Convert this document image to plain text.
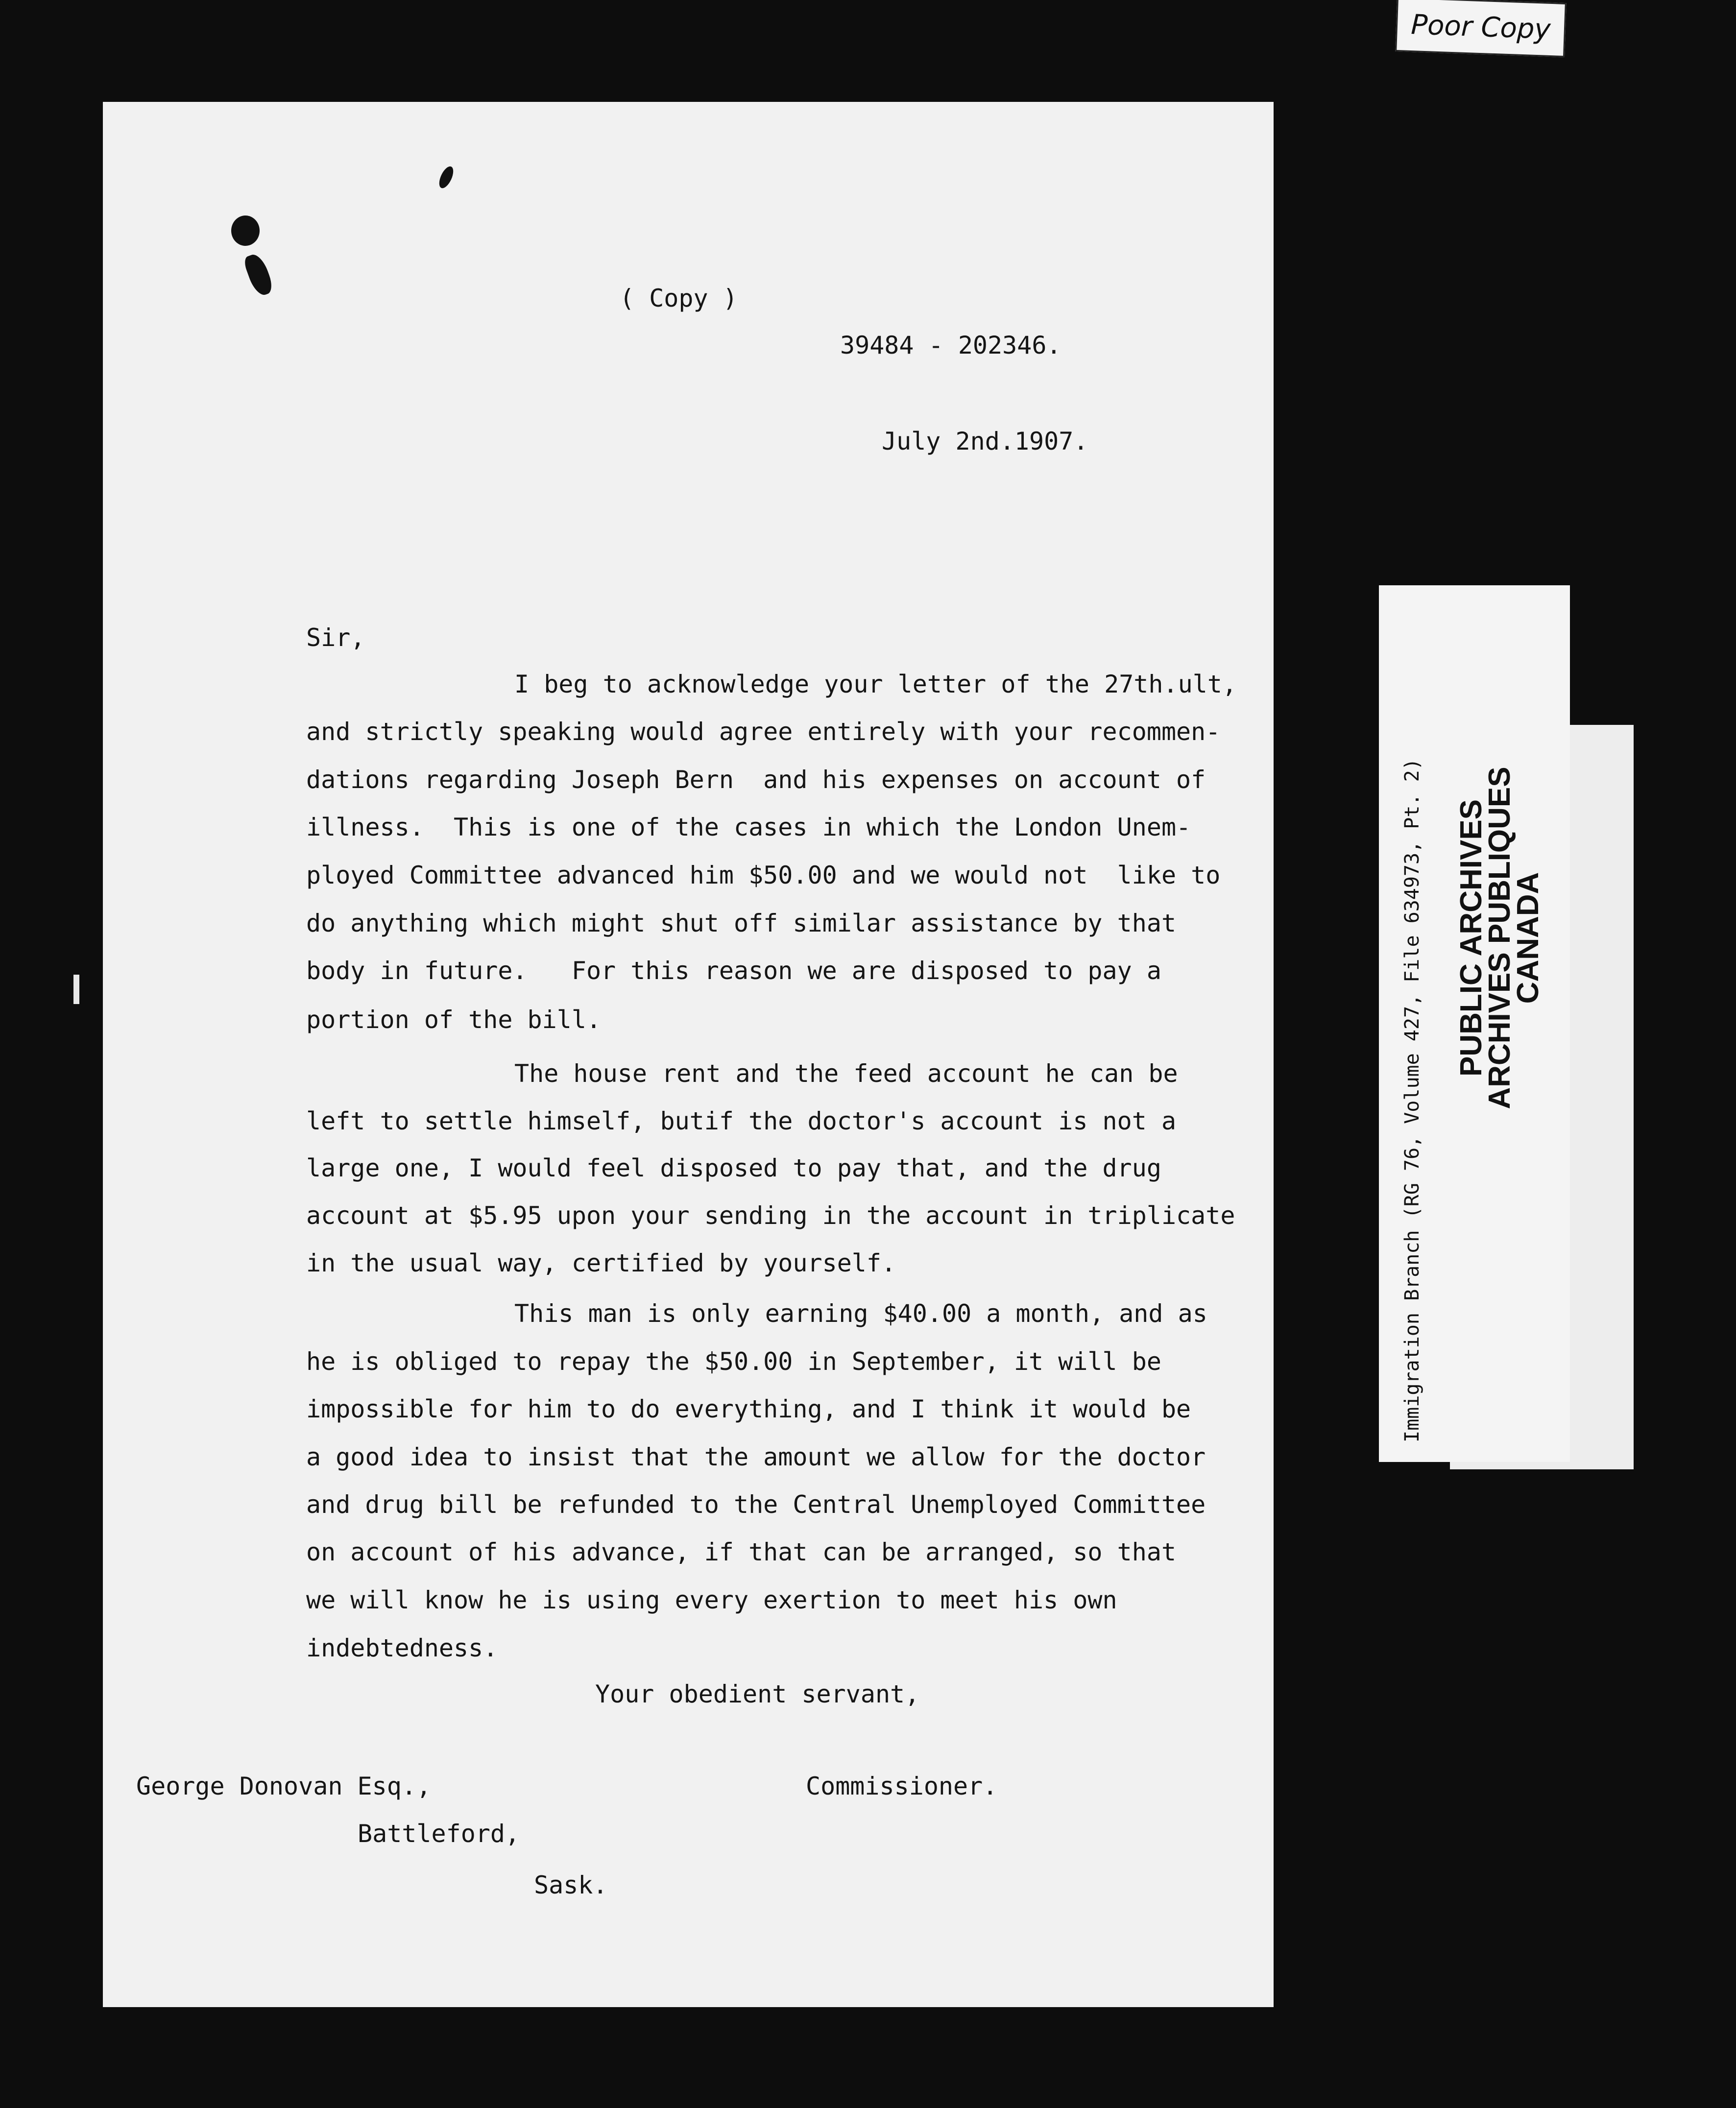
Poor Copy
( Copy )
39484 - 202346.
July 2nd.1907.
Sir,
I beg to acknowledge your letter of the 27th.ult,
and strictly speaking would agree entirely with your recommen-
dations regarding Joseph Bern  and his expenses on account of
illness.  This is one of the cases in which the London Unem-
ployed Committee advanced him $50.00 and we would not  like to
do anything which might shut off similar assistance by that
body in future.   For this reason we are disposed to pay a
portion of the bill.
The house rent and the feed account he can be
left to settle himself, butif the doctor's account is not a
large one, I would feel disposed to pay that, and the drug
account at $5.95 upon your sending in the account in triplicate
in the usual way, certified by yourself.
This man is only earning $40.00 a month, and as
he is obliged to repay the $50.00 in September, it will be
impossible for him to do everything, and I think it would be
a good idea to insist that the amount we allow for the doctor
and drug bill be refunded to the Central Unemployed Committee
on account of his advance, if that can be arranged, so that
we will know he is using every exertion to meet his own
indebtedness.
Your obedient servant,
Commissioner.
George Donovan Esq.,
Battleford,
Sask.
Immigration Branch (RG 76, Volume 427, File 634973, Pt. 2) PUBLIC ARCHIVES
ARCHIVES PUBLIQUES
CANADA
